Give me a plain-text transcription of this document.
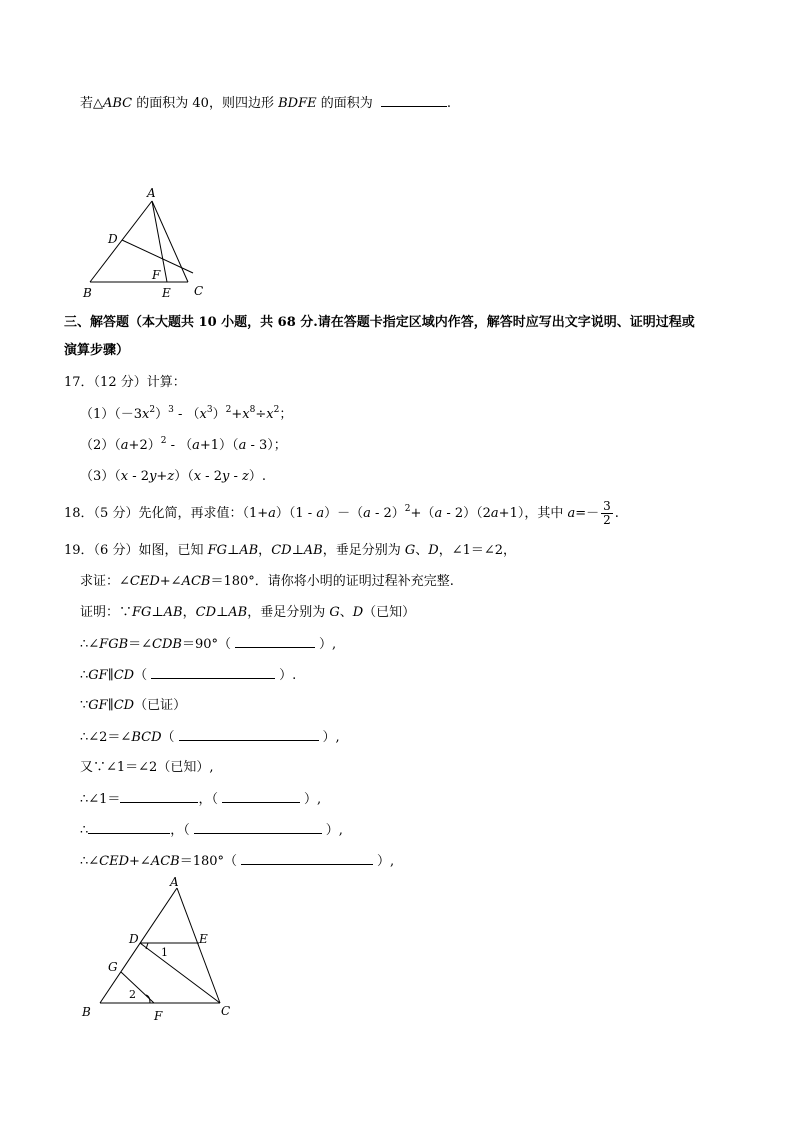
若△ABC 的面积为 40，则四边形 BDFE 的面积为	.
A
D
F
B	E C
三、解答题（本大题共 10 小题，共 68 分.请在答题卡指定区域内作答，解答时应写出文字说明、证明过程或
演算步骤）
17．（12 分）计算：
$(1)(-3x^2)^3 - (x^3)^2+x^8\div x^2$；
$(2)(a+2)^2 - (a+1)(a - 3)$；
（3）（x - 2y+z）（x - 2y - z）.
18．（5 分）先化简，再求值：（1+a）（1 - a）－（a - 2）$^2$+（a - 2）（2a+1），其中 $a=- \frac{3}{2}$ .
19．（6 分）如图，已知 FG⊥AB，CD⊥AB，垂足分别为 G、D，∠1＝∠2，
求证：∠CED+∠ACB＝180°．请你将小明的证明过程补充完整.
证明：∵FG⊥AB，CD⊥AB，垂足分别为 G、D（已知）
∴∠FGB＝∠CDB＝90°（	）,
∴GF∥CD（	）.
∵GF∥CD（已证）
∴∠2＝∠BCD（	）,
又∵∠1＝∠2（已知）,
∴∠1＝	，（	）,
∴	，（	）,
∴∠CED+∠ACB＝180°（	）,
A
D	E
G
B	F	C
1
2
